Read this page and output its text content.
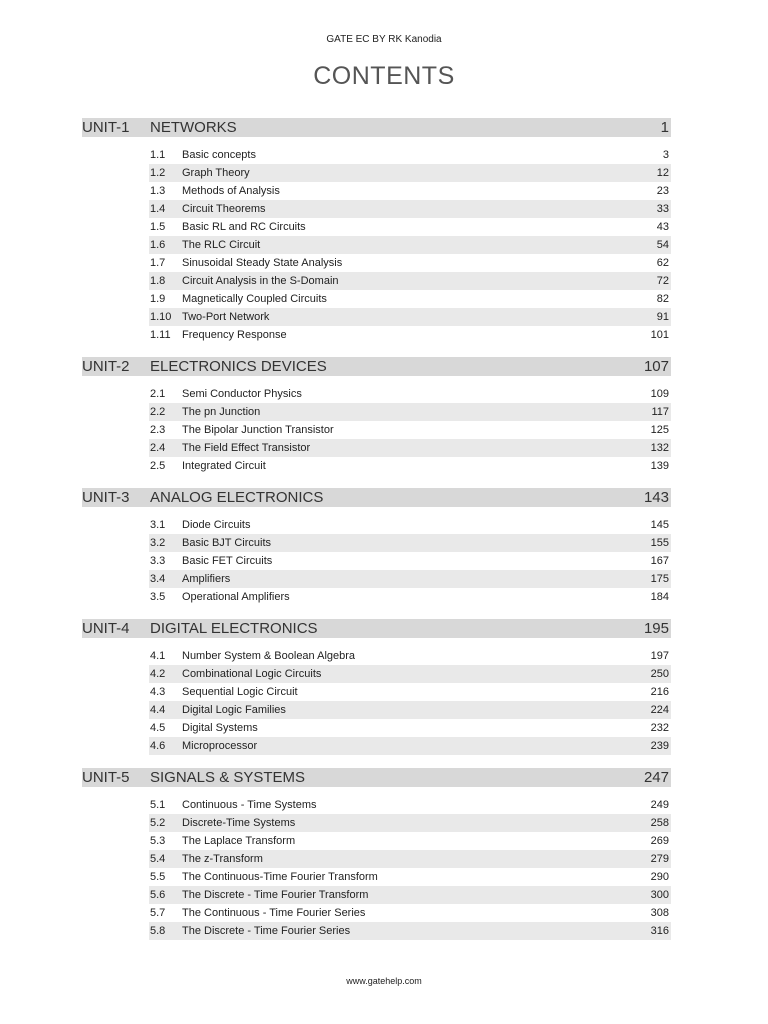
GATE EC BY RK Kanodia
CONTENTS
UNIT-1	NETWORKS	1
1.1	Basic concepts	3
1.2	Graph Theory	12
1.3	Methods of Analysis	23
1.4	Circuit Theorems	33
1.5	Basic RL and RC Circuits	43
1.6	The RLC Circuit	54
1.7	Sinusoidal Steady State Analysis	62
1.8	Circuit Analysis in the S-Domain	72
1.9	Magnetically Coupled Circuits	82
1.10 Two-Port Network	91
1.11	Frequency Response	101
UNIT-2	ELECTRONICS DEVICES	107
2.1	Semi Conductor Physics	109
2.2	The pn Junction	117
2.3	The Bipolar Junction Transistor	125
2.4	The Field Effect Transistor	132
2.5	Integrated Circuit	139
UNIT-3	ANALOG ELECTRONICS	143
3.1	Diode Circuits	145
3.2	Basic BJT Circuits	155
3.3	Basic FET Circuits	167
3.4	Amplifiers	175
3.5	Operational Amplifiers	184
UNIT-4	DIGITAL ELECTRONICS	195
4.1	Number System & Boolean Algebra	197
4.2	Combinational Logic Circuits	250
4.3	Sequential Logic Circuit	216
4.4	Digital Logic Families	224
4.5	Digital Systems	232
4.6	Microprocessor	239
UNIT-5	SIGNALS & SYSTEMS	247
5.1	Continuous - Time Systems	249
5.2	Discrete-Time Systems	258
5.3	The Laplace Transform	269
5.4	The z-Transform	279
5.5	The Continuous-Time Fourier Transform	290
5.6	The Discrete - Time Fourier Transform	300
5.7	The Continuous - Time Fourier Series	308
5.8	The Discrete - Time Fourier Series	316
www.gatehelp.com
